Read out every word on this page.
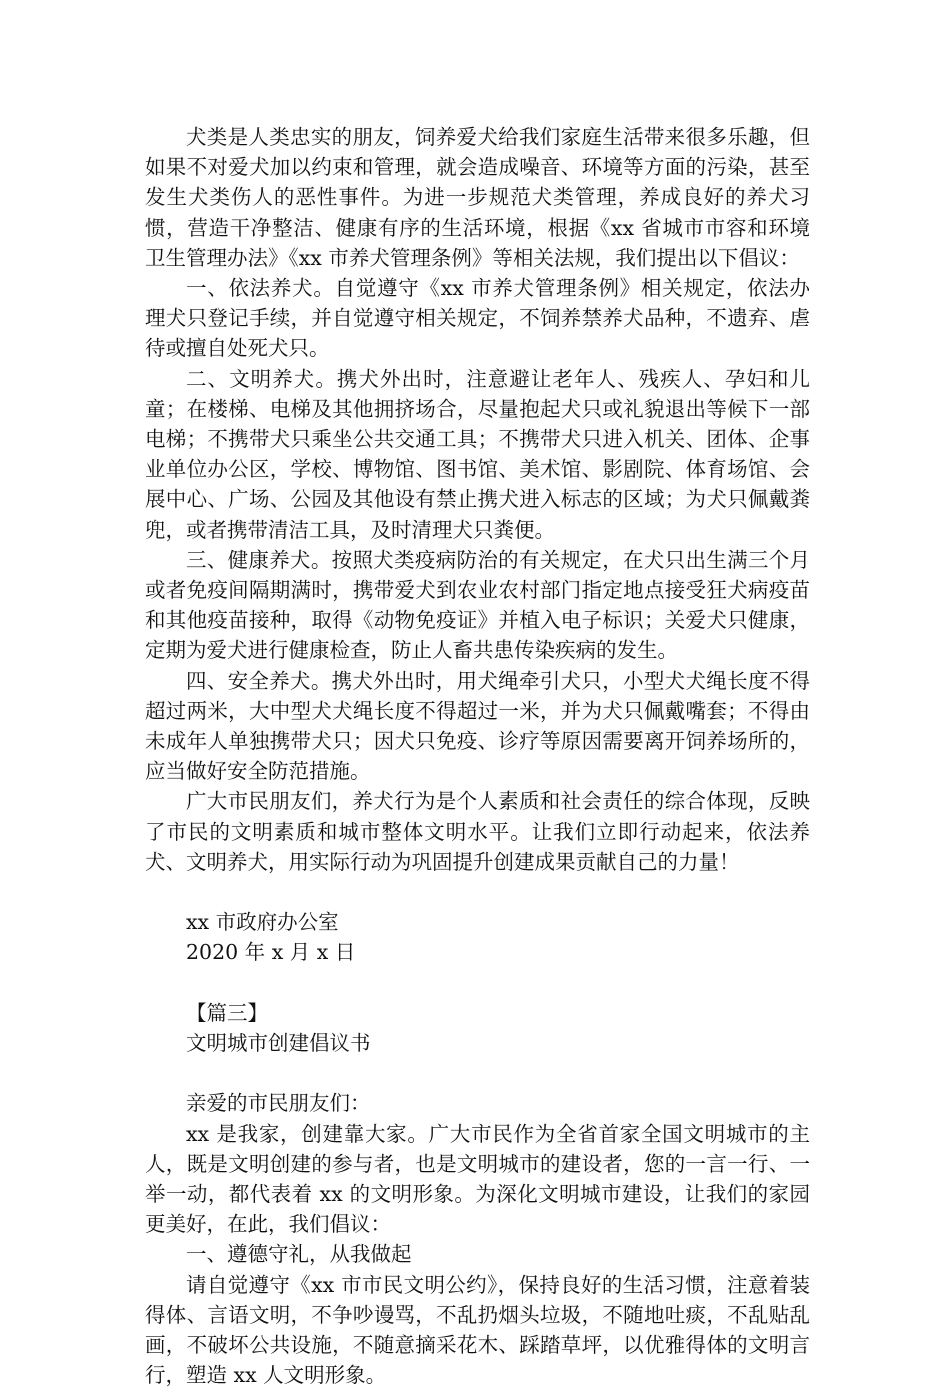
犬类是人类忠实的朋友，饲养爱犬给我们家庭生活带来很多乐趣，但如果不对爱犬加以约束和管理，就会造成噪音、环境等方面的污染，甚至发生犬类伤人的恶性事件。为进一步规范犬类管理，养成良好的养犬习惯，营造干净整洁、健康有序的生活环境，根据《xx 省城市市容和环境卫生管理办法》《xx 市养犬管理条例》等相关法规，我们提出以下倡议：

一、依法养犬。自觉遵守《xx 市养犬管理条例》相关规定，依法办理犬只登记手续，并自觉遵守相关规定，不饲养禁养犬品种，不遗弃、虐待或擅自处死犬只。

二、文明养犬。携犬外出时，注意避让老年人、残疾人、孕妇和儿童；在楼梯、电梯及其他拥挤场合，尽量抱起犬只或礼貌退出等候下一部电梯；不携带犬只乘坐公共交通工具；不携带犬只进入机关、团体、企事业单位办公区，学校、博物馆、图书馆、美术馆、影剧院、体育场馆、会展中心、广场、公园及其他设有禁止携犬进入标志的区域；为犬只佩戴粪兜，或者携带清洁工具，及时清理犬只粪便。

三、健康养犬。按照犬类疫病防治的有关规定，在犬只出生满三个月或者免疫间隔期满时，携带爱犬到农业农村部门指定地点接受狂犬病疫苗和其他疫苗接种，取得《动物免疫证》并植入电子标识；关爱犬只健康，定期为爱犬进行健康检查，防止人畜共患传染疾病的发生。

四、安全养犬。携犬外出时，用犬绳牵引犬只，小型犬犬绳长度不得超过两米，大中型犬犬绳长度不得超过一米，并为犬只佩戴嘴套；不得由未成年人单独携带犬只；因犬只免疫、诊疗等原因需要离开饲养场所的，应当做好安全防范措施。

广大市民朋友们，养犬行为是个人素质和社会责任的综合体现，反映了市民的文明素质和城市整体文明水平。让我们立即行动起来，依法养犬、文明养犬，用实际行动为巩固提升创建成果贡献自己的力量！

xx 市政府办公室

2020 年 x 月 x 日

【篇三】

文明城市创建倡议书

亲爱的市民朋友们：

xx 是我家，创建靠大家。广大市民作为全省首家全国文明城市的主人，既是文明创建的参与者，也是文明城市的建设者，您的一言一行、一举一动，都代表着 xx 的文明形象。为深化文明城市建设，让我们的家园更美好，在此，我们倡议：

一、遵德守礼，从我做起

请自觉遵守《xx 市市民文明公约》，保持良好的生活习惯，注意着装得体、言语文明，不争吵谩骂，不乱扔烟头垃圾，不随地吐痰，不乱贴乱画，不破坏公共设施，不随意摘采花木、踩踏草坪，以优雅得体的文明言行，塑造 xx 人文明形象。
